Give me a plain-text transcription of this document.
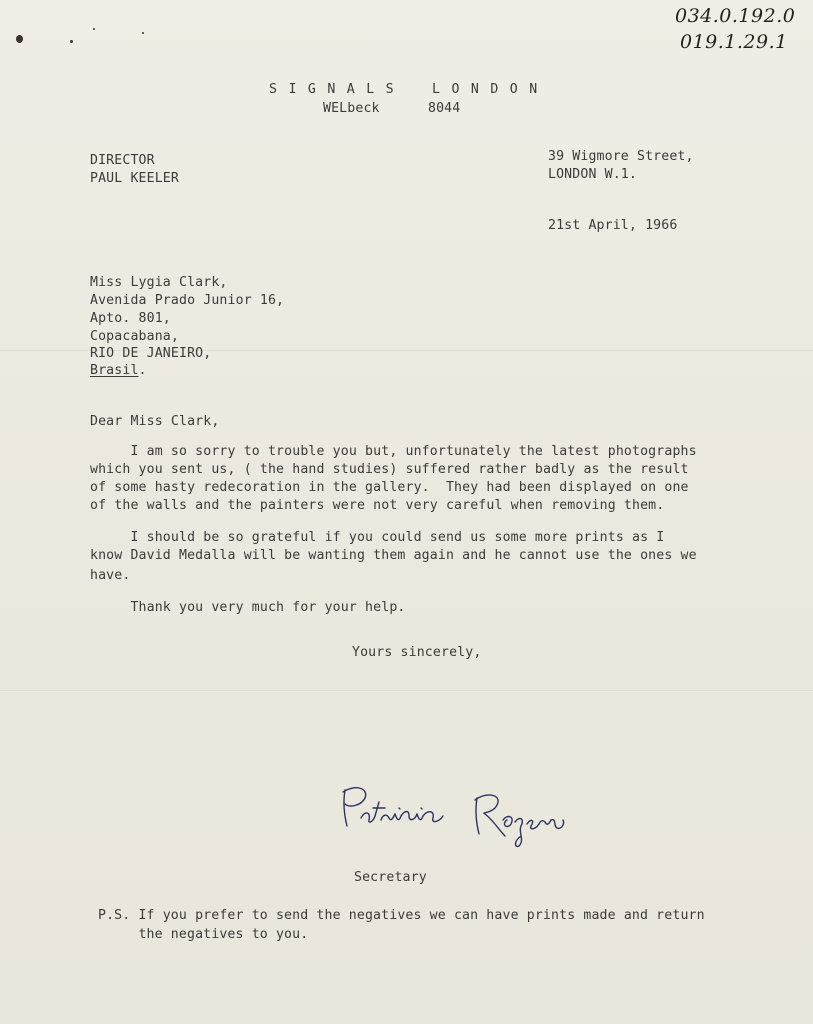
034.0.192.0
019.1.29.1
SIGNALS LONDON
WELbeck	8044
DIRECTOR
PAUL KEELER
39 Wigmore Street,
LONDON W.1.
21st April, 1966
Miss Lygia Clark,
Avenida Prado Junior 16,
Apto. 801,
Copacabana,
RIO DE JANEIRO,
Brasil.
Dear Miss Clark,
I am so sorry to trouble you but, unfortunately the latest photographs
which you sent us, ( the hand studies) suffered rather badly as the result
of some hasty redecoration in the gallery.  They had been displayed on one
of the walls and the painters were not very careful when removing them.
I should be so grateful if you could send us some more prints as I
know David Medalla will be wanting them again and he cannot use the ones we
have.
Thank you very much for your help.
Yours sincerely,
Secretary
P.S. If you prefer to send the negatives we can have prints made and return
the negatives to you.
